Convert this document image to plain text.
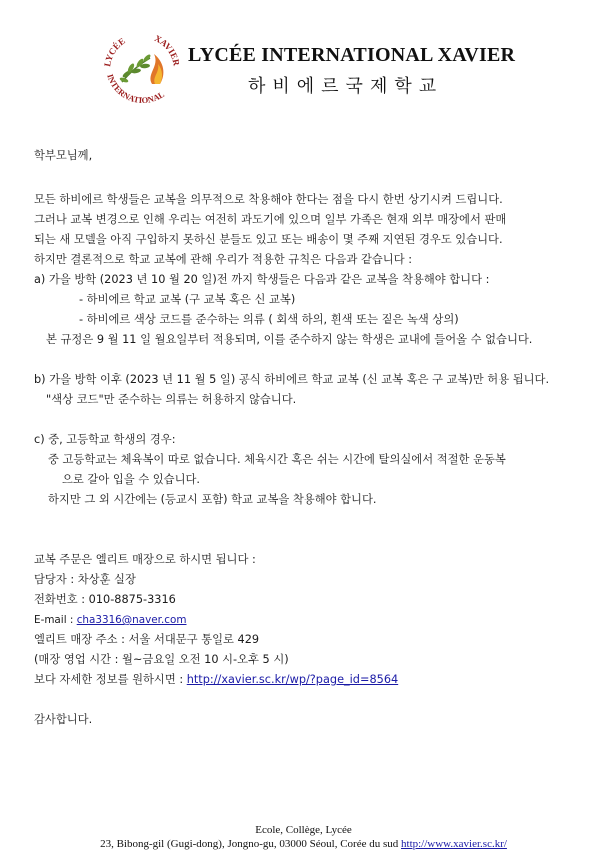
LYCÉE	XAVIER
INTERNATIONAL
LYCÉE INTERNATIONAL XAVIER
하비에르국제학교
학부모님께,
모든 하비에르 학생들은 교복을 의무적으로 착용해야 한다는 점을 다시 한번 상기시켜 드립니다.
그러나 교복 변경으로 인해 우리는 여전히 과도기에 있으며 일부 가족은 현재 외부 매장에서 판매
되는 새 모델을 아직 구입하지 못하신 분들도 있고 또는 배송이 몇 주째 지연된 경우도 있습니다.
하지만 결론적으로 학교 교복에 관해 우리가 적용한 규칙은 다음과 같습니다 :
a) 가을 방학 (2023 년 10 월 20 일)전 까지 학생들은 다음과 같은 교복을 착용해야 합니다 :
- 하비에르 학교 교복 (구 교복 혹은 신 교복)
- 하비에르 색상 코드를 준수하는 의류 ( 회색 하의, 흰색 또는 짙은 녹색 상의)
본 규정은 9 월 11 일 월요일부터 적용되며, 이를 준수하지 않는 학생은 교내에 들어올 수 없습니다.
b) 가을 방학 이후 (2023 년 11 월 5 일) 공식 하비에르 학교 교복 (신 교복 혹은 구 교복)만 허용 됩니다.
"색상 코드"만 준수하는 의류는 허용하지 않습니다.
c) 중, 고등학교 학생의 경우:
중 고등학교는 체육복이 따로 없습니다. 체육시간 혹은 쉬는 시간에 탈의실에서 적절한 운동복
으로 갈아 입을 수 있습니다.
하지만 그 외 시간에는 (등교시 포함) 학교 교복을 착용해야 합니다.
교복 주문은 엘리트 매장으로 하시면 됩니다 :
담당자 : 차상훈 실장
전화번호 : 010-8875-3316
E-mail : cha3316@naver.com
엘리트 매장 주소 : 서울 서대문구 통일로 429
(매장 영업 시간 : 월~금요일 오전 10 시-오후 5 시)
보다 자세한 정보를 원하시면 : http://xavier.sc.kr/wp/?page_id=8564
감사합니다.
Ecole, Collège, Lycée
23, Bibong-gil (Gugi-dong), Jongno-gu, 03000 Séoul, Corée du sud http://www.xavier.sc.kr/
